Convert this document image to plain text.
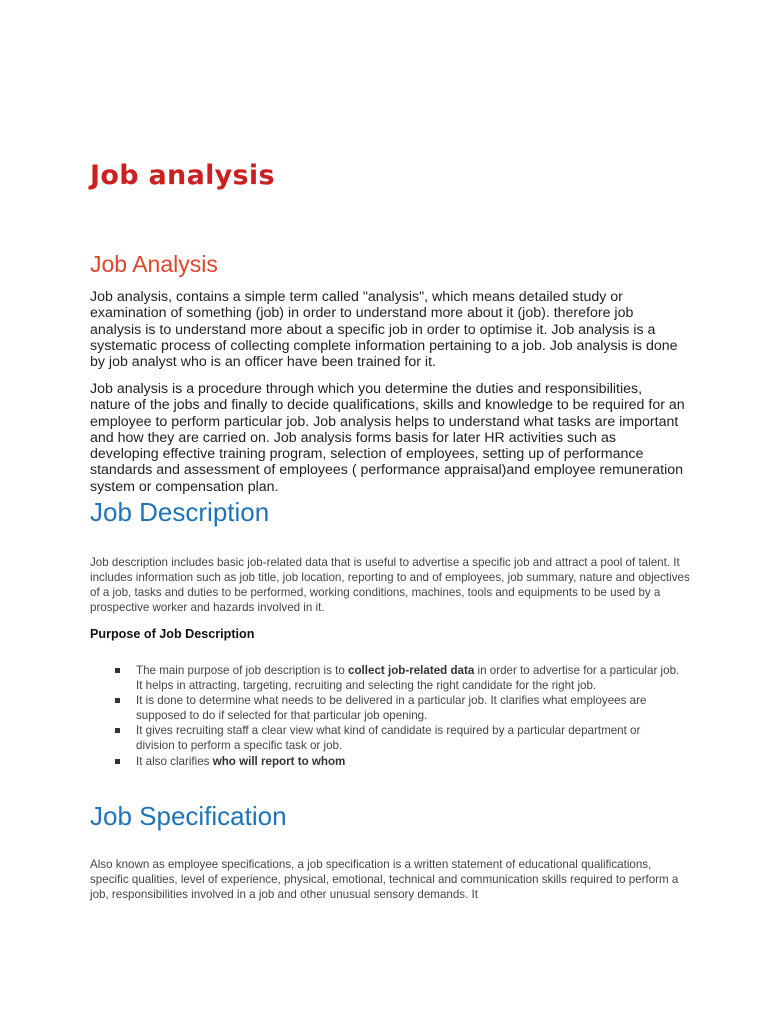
Job analysis
Job Analysis

Job analysis, contains a simple term called "analysis", which means detailed study or examination of something (job) in order to understand more about it (job). therefore job analysis is to understand more about a specific job in order to optimise it. Job analysis is a systematic process of collecting complete information pertaining to a job. Job analysis is done by job analyst who is an officer have been trained for it.

Job analysis is a procedure through which you determine the duties and responsibilities, nature of the jobs and finally to decide qualifications, skills and knowledge to be required for an employee to perform particular job. Job analysis helps to understand what tasks are important and how they are carried on. Job analysis forms basis for later HR activities such as developing effective training program, selection of employees, setting up of performance standards and assessment of employees ( performance appraisal)and employee remuneration system or compensation plan.

Job Description

Job description includes basic job-related data that is useful to advertise a specific job and attract a pool of talent. It includes information such as job title, job location, reporting to and of employees, job summary, nature and objectives of a job, tasks and duties to be performed, working conditions, machines, tools and equipments to be used by a prospective worker and hazards involved in it.

Purpose of Job Description
The main purpose of job description is to collect job-related data in order to advertise for a particular job. It helps in attracting, targeting, recruiting and selecting the right candidate for the right job.
It is done to determine what needs to be delivered in a particular job. It clarifies what employees are supposed to do if selected for that particular job opening.
It gives recruiting staff a clear view what kind of candidate is required by a particular department or division to perform a specific task or job.
It also clarifies who will report to whom
Job Specification

Also known as employee specifications, a job specification is a written statement of educational qualifications, specific qualities, level of experience, physical, emotional, technical and communication skills required to perform a job, responsibilities involved in a job and other unusual sensory demands. It
